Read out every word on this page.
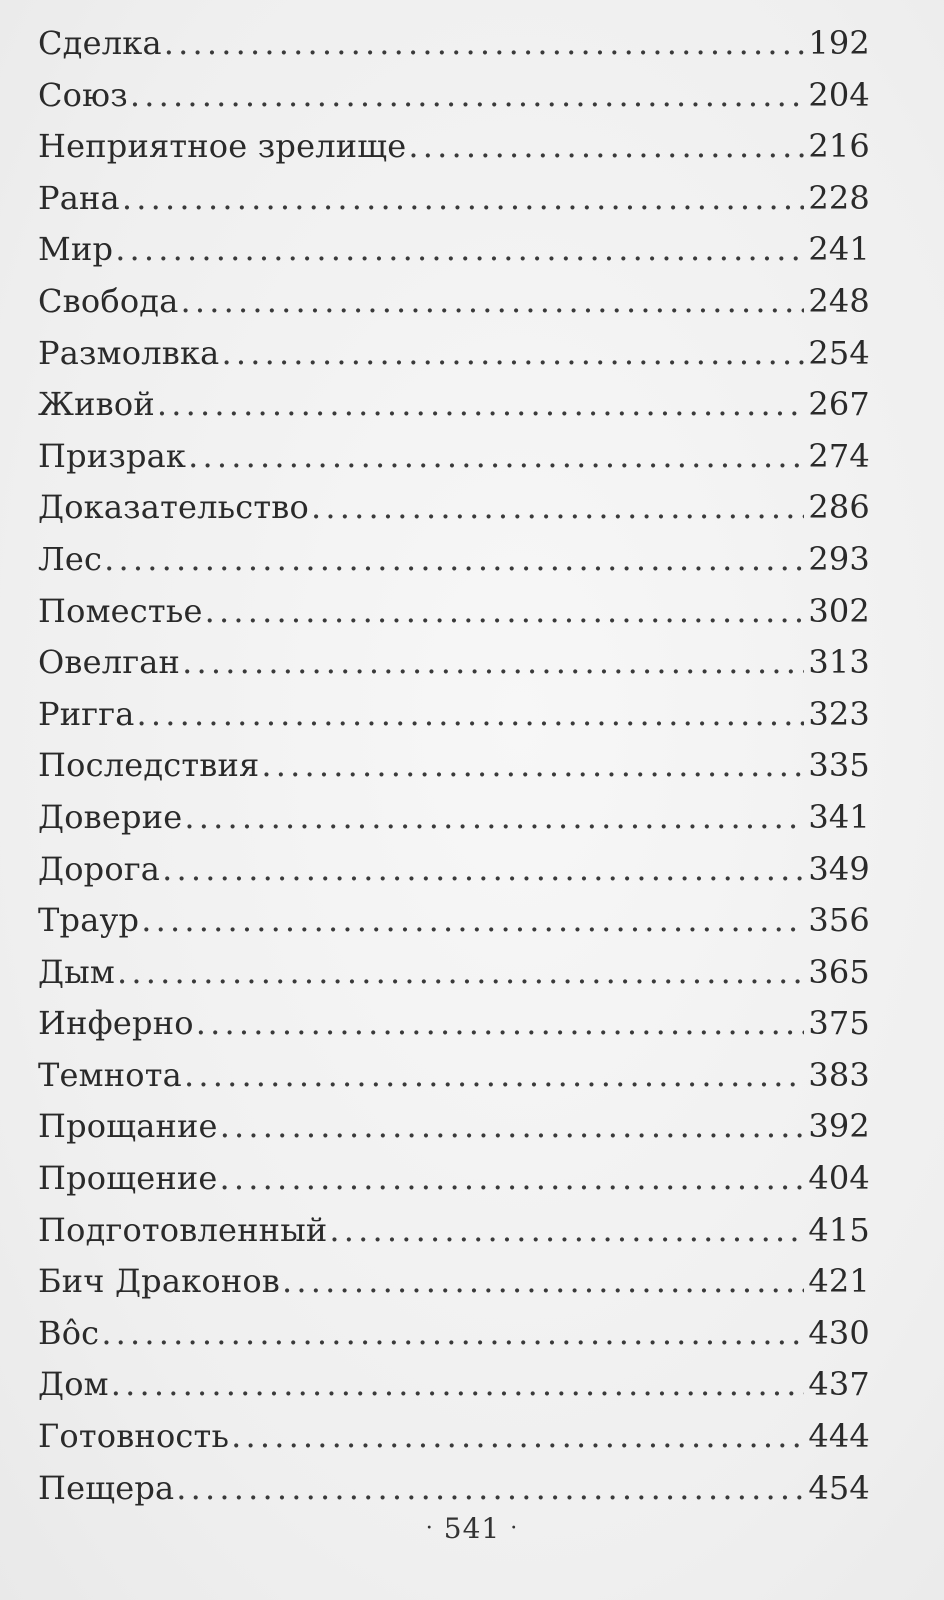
Сделка .....	192
Союз .....	204
Неприятное зрелище .....	216
Рана .....	228
Мир .....	241
Свобода .....	248
Размолвка .....	254
Живой .....	267
Призрак .....	274
Доказательство .....	286
Лес .....	293
Поместье .....	302
Овелган .....	313
Ригга .....	323
Последствия .....	335
Доверие .....	341
Дорога .....	349
Траур .....	356
Дым .....	365
Инферно .....	375
Темнота .....	383
Прощание .....	392
Прощение .....	404
Подготовленный .....	415
Бич Драконов .....	421
Вôс .....	430
Дом .....	437
Готовность .....	444
Пещера .....	454
· 541 ·
